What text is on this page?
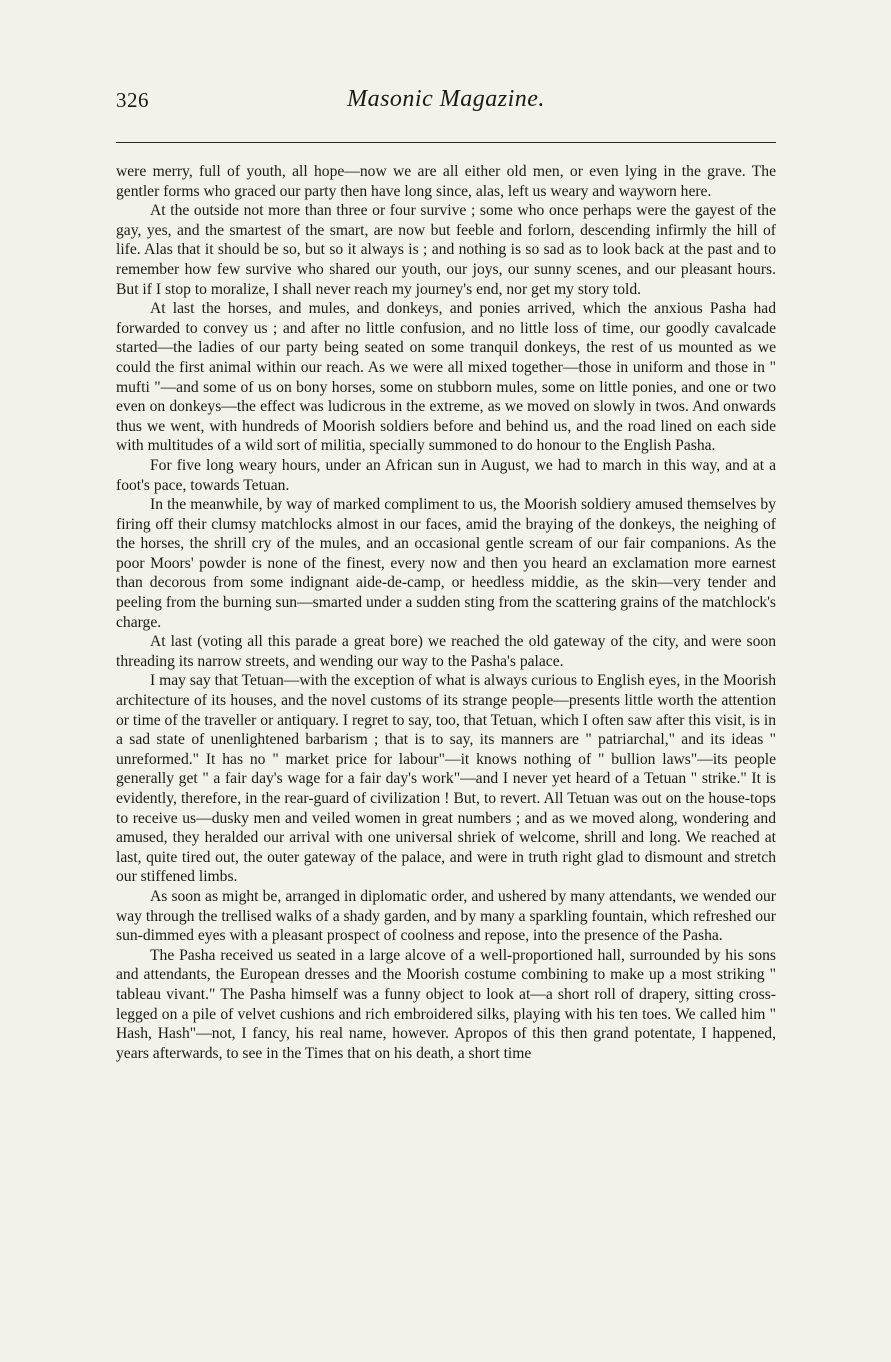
326	Masonic Magazine.

were merry, full of youth, all hope—now we are all either old men, or even lying in the grave. The gentler forms who graced our party then have long since, alas, left us weary and wayworn here.

At the outside not more than three or four survive ; some who once perhaps were the gayest of the gay, yes, and the smartest of the smart, are now but feeble and forlorn, descending infirmly the hill of life. Alas that it should be so, but so it always is ; and nothing is so sad as to look back at the past and to remember how few survive who shared our youth, our joys, our sunny scenes, and our pleasant hours. But if I stop to moralize, I shall never reach my journey's end, nor get my story told.

At last the horses, and mules, and donkeys, and ponies arrived, which the anxious Pasha had forwarded to convey us ; and after no little confusion, and no little loss of time, our goodly cavalcade started—the ladies of our party being seated on some tranquil donkeys, the rest of us mounted as we could the first animal within our reach. As we were all mixed together—those in uniform and those in " mufti "—and some of us on bony horses, some on stubborn mules, some on little ponies, and one or two even on donkeys—the effect was ludicrous in the extreme, as we moved on slowly in twos. And onwards thus we went, with hundreds of Moorish soldiers before and behind us, and the road lined on each side with multitudes of a wild sort of militia, specially summoned to do honour to the English Pasha.

For five long weary hours, under an African sun in August, we had to march in this way, and at a foot's pace, towards Tetuan.

In the meanwhile, by way of marked compliment to us, the Moorish soldiery amused themselves by firing off their clumsy matchlocks almost in our faces, amid the braying of the donkeys, the neighing of the horses, the shrill cry of the mules, and an occasional gentle scream of our fair companions. As the poor Moors' powder is none of the finest, every now and then you heard an exclamation more earnest than decorous from some indignant aide-de-camp, or heedless middie, as the skin—very tender and peeling from the burning sun—smarted under a sudden sting from the scattering grains of the matchlock's charge.

At last (voting all this parade a great bore) we reached the old gateway of the city, and were soon threading its narrow streets, and wending our way to the Pasha's palace.

I may say that Tetuan—with the exception of what is always curious to English eyes, in the Moorish architecture of its houses, and the novel customs of its strange people—presents little worth the attention or time of the traveller or antiquary. I regret to say, too, that Tetuan, which I often saw after this visit, is in a sad state of unenlightened barbarism ; that is to say, its manners are " patriarchal," and its ideas " unreformed." It has no " market price for labour"—it knows nothing of " bullion laws"—its people generally get " a fair day's wage for a fair day's work"—and I never yet heard of a Tetuan " strike." It is evidently, therefore, in the rear-guard of civilization ! But, to revert. All Tetuan was out on the house-tops to receive us—dusky men and veiled women in great numbers ; and as we moved along, wondering and amused, they heralded our arrival with one universal shriek of welcome, shrill and long. We reached at last, quite tired out, the outer gateway of the palace, and were in truth right glad to dismount and stretch our stiffened limbs.

As soon as might be, arranged in diplomatic order, and ushered by many attendants, we wended our way through the trellised walks of a shady garden, and by many a sparkling fountain, which refreshed our sun-dimmed eyes with a pleasant prospect of coolness and repose, into the presence of the Pasha.

The Pasha received us seated in a large alcove of a well-proportioned hall, surrounded by his sons and attendants, the European dresses and the Moorish costume combining to make up a most striking " tableau vivant." The Pasha himself was a funny object to look at—a short roll of drapery, sitting cross-legged on a pile of velvet cushions and rich embroidered silks, playing with his ten toes. We called him " Hash, Hash"—not, I fancy, his real name, however. Apropos of this then grand potentate, I happened, years afterwards, to see in the Times that on his death, a short time
